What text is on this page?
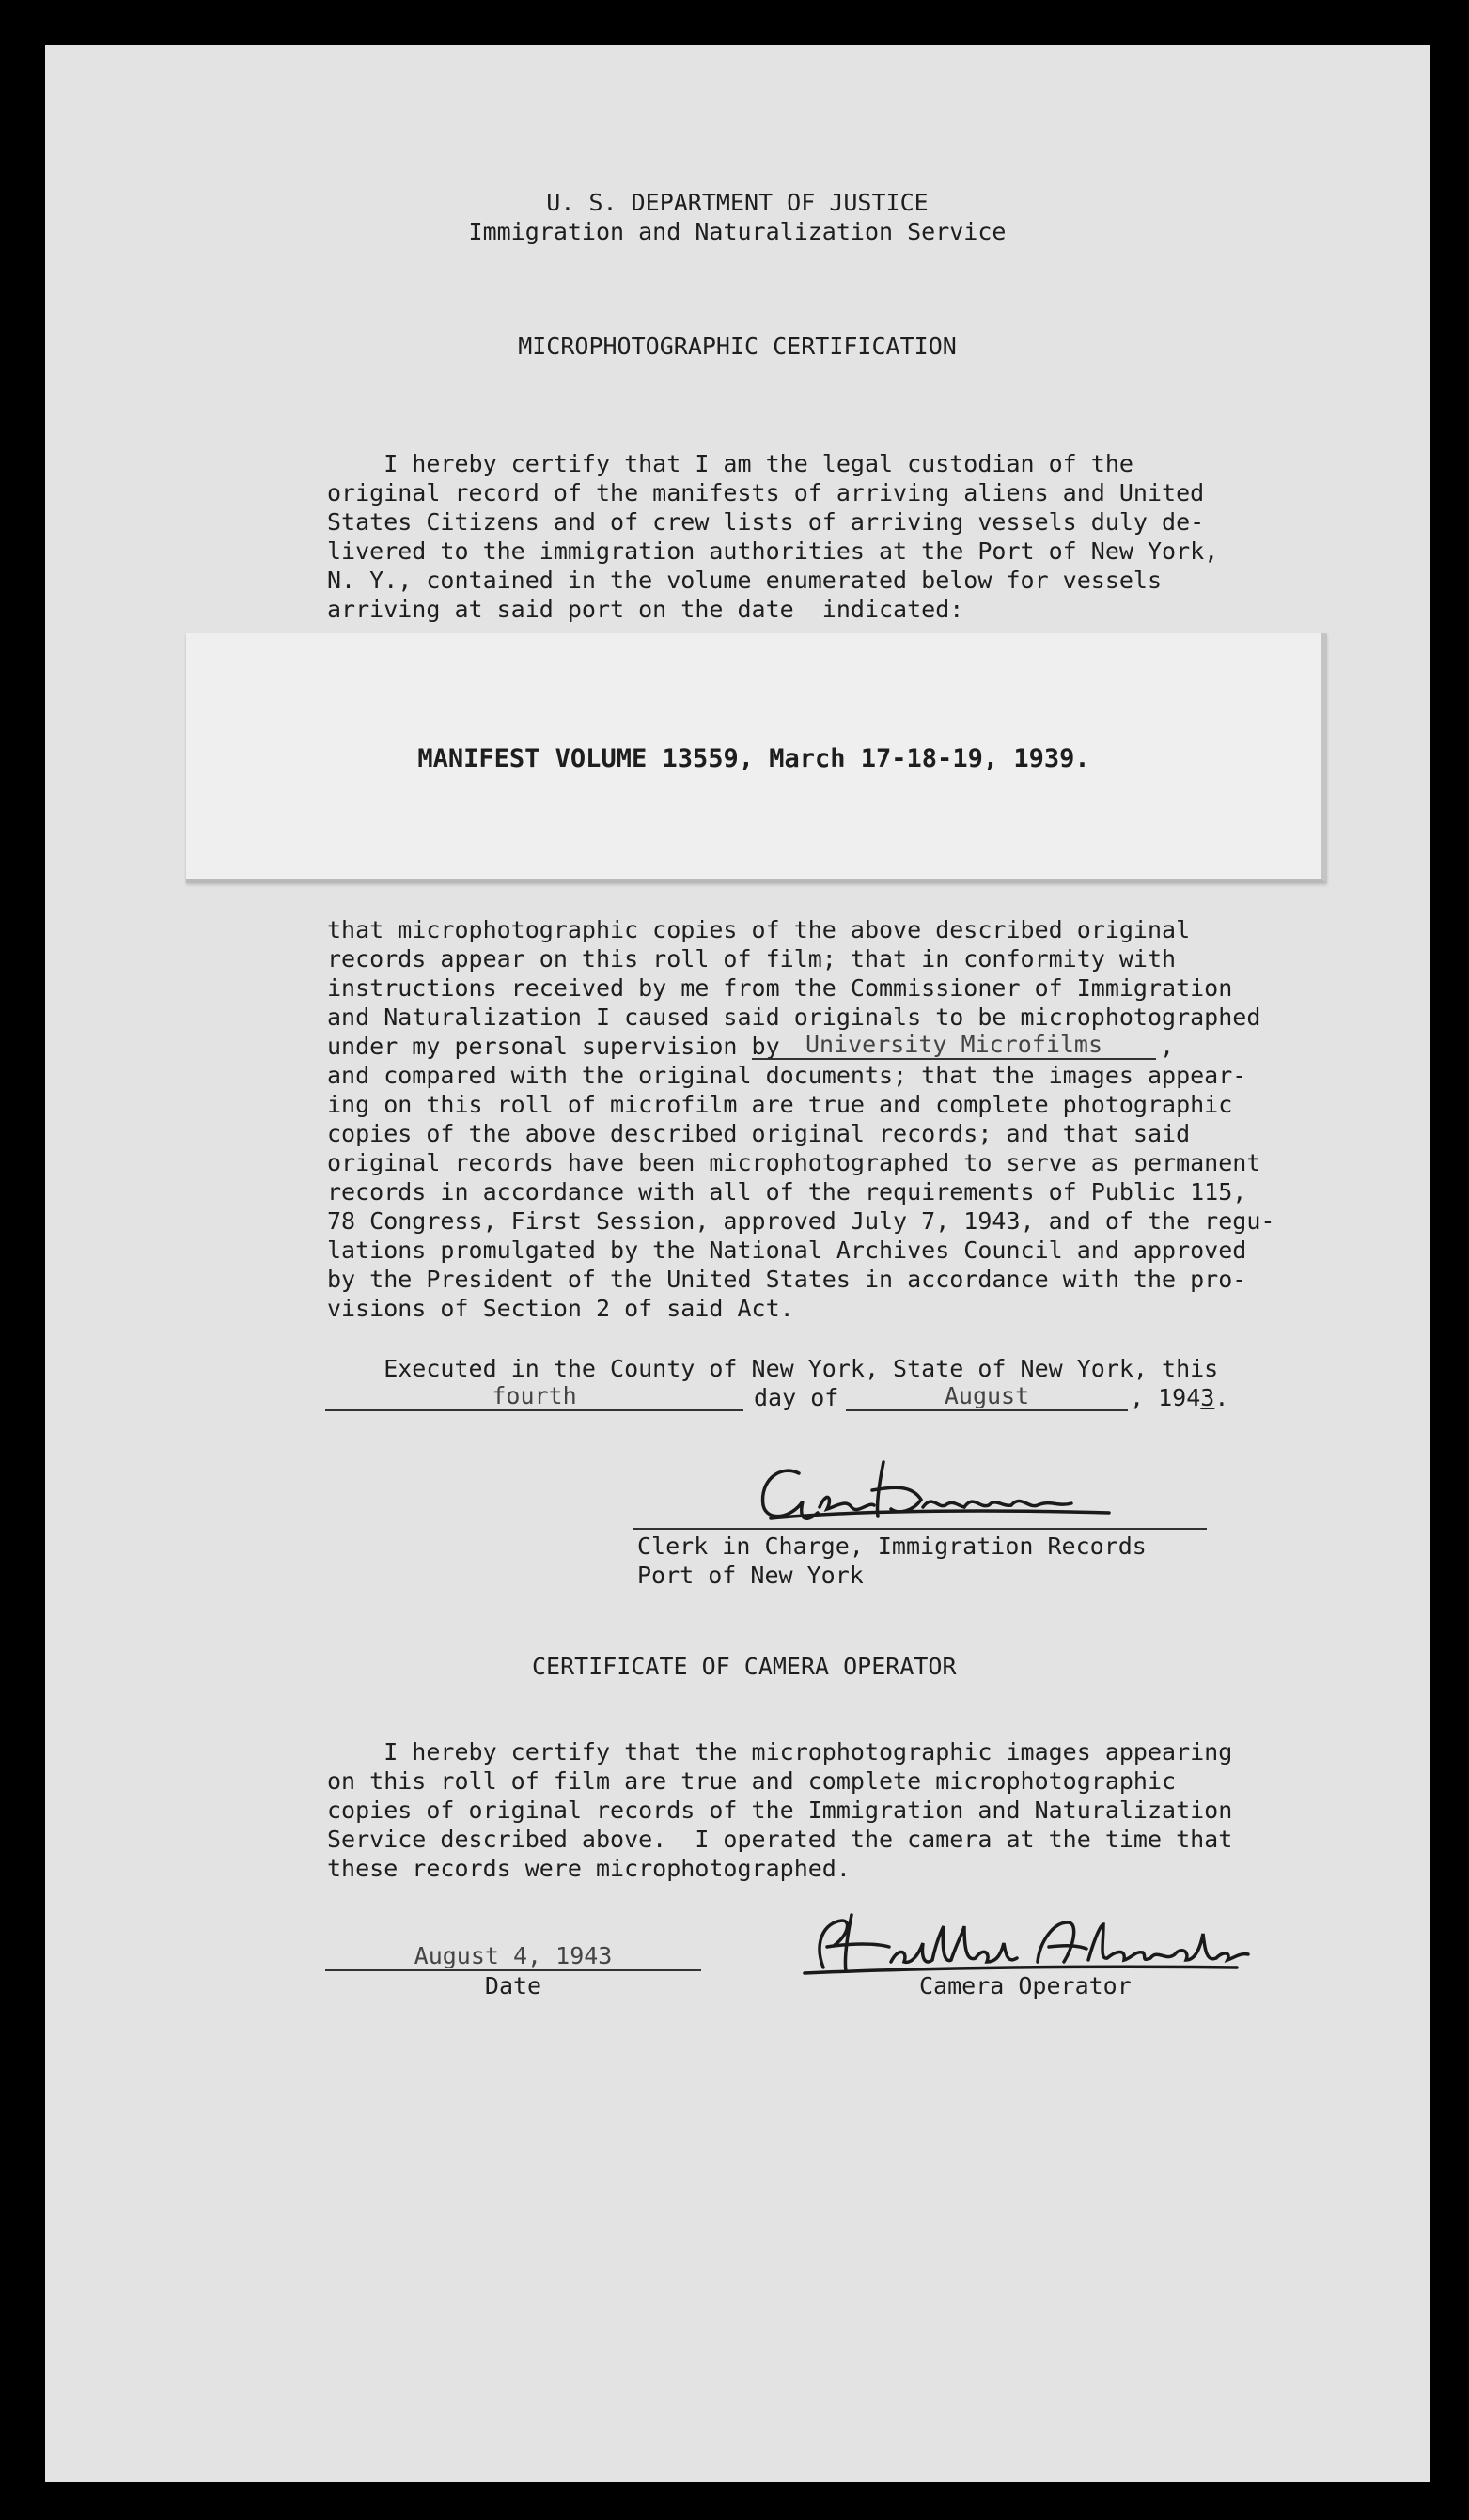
U. S. DEPARTMENT OF JUSTICE
Immigration and Naturalization Service
MICROPHOTOGRAPHIC CERTIFICATION
I hereby certify that I am the legal custodian of the
original record of the manifests of arriving aliens and United
States Citizens and of crew lists of arriving vessels duly de-
livered to the immigration authorities at the Port of New York,
N. Y., contained in the volume enumerated below for vessels
arriving at said port on the date  indicated:
MANIFEST VOLUME 13559, March 17-18-19, 1939.
that microphotographic copies of the above described original
records appear on this roll of film; that in conformity with
instructions received by me from the Commissioner of Immigration
and Naturalization I caused said originals to be microphotographed
under my personal supervision by	University Microfilms	,
and compared with the original documents; that the images appear-
ing on this roll of microfilm are true and complete photographic
copies of the above described original records; and that said
original records have been microphotographed to serve as permanent
records in accordance with all of the requirements of Public 115,
78 Congress, First Session, approved July 7, 1943, and of the regu-
lations promulgated by the National Archives Council and approved
by the President of the United States in accordance with the pro-
visions of Section 2 of said Act.
Executed in the County of New York, State of New York, this
fourth	day of	August	, 1943.
Clerk in Charge, Immigration Records
Port of New York
CERTIFICATE OF CAMERA OPERATOR
I hereby certify that the microphotographic images appearing
on this roll of film are true and complete microphotographic
copies of original records of the Immigration and Naturalization
Service described above.  I operated the camera at the time that
these records were microphotographed.
August 4, 1943
Date	Camera Operator
